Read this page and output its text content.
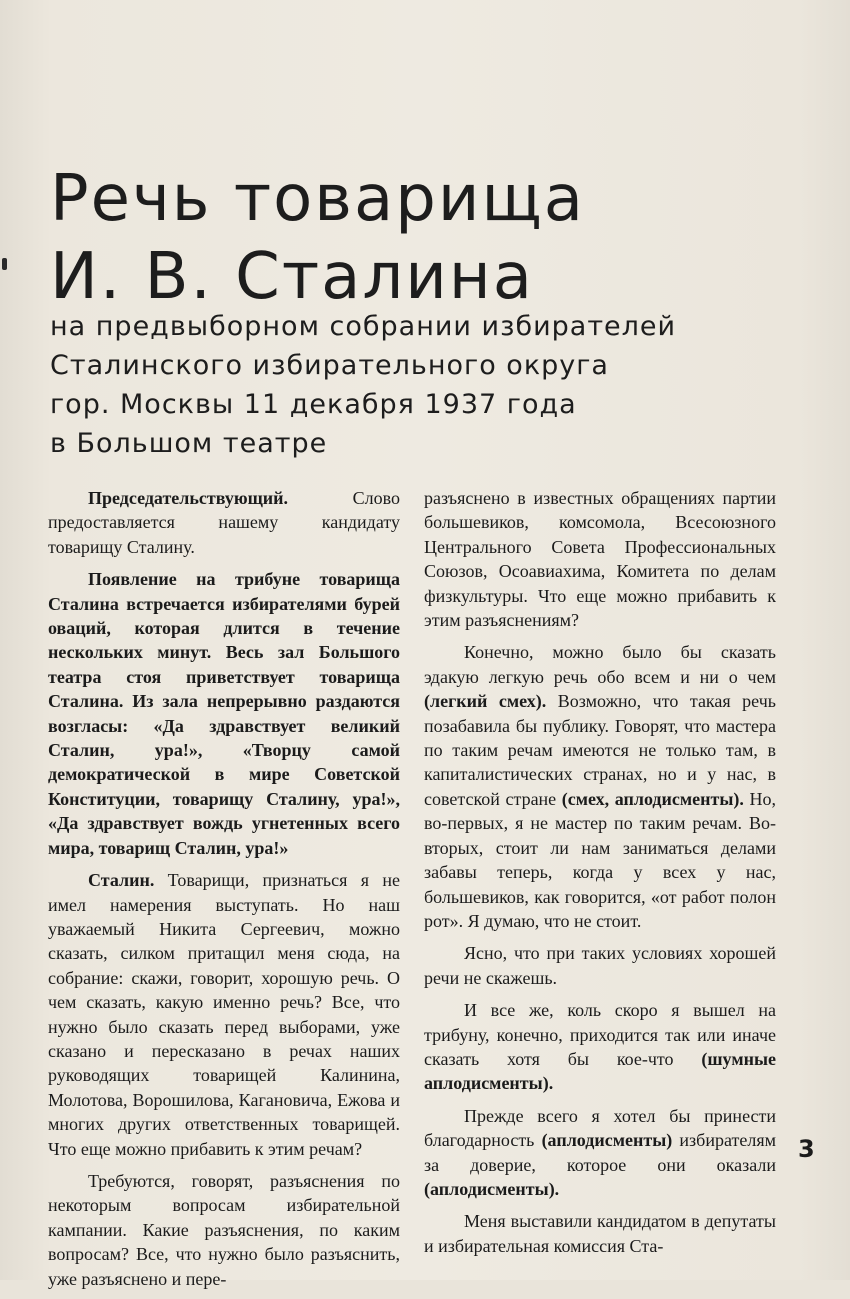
Речь товарища
И. В. Сталина
на предвыборном собрании избирателей
Сталинского избирательного округа
гор. Москвы 11 декабря 1937 года
в Большом театре

Председательствующий. Слово предоставляется нашему кандидату товарищу Сталину.

Появление на трибуне товарища Сталина встречается избирателями бурей оваций, которая длится в течение нескольких минут. Весь зал Большого театра стоя приветствует товарища Сталина. Из зала непрерывно раздаются возгласы: «Да здравствует великий Сталин, ура!», «Творцу самой демократической в мире Советской Конституции, товарищу Сталину, ура!», «Да здравствует вождь угнетенных всего мира, товарищ Сталин, ура!»

Сталин. Товарищи, признаться я не имел намерения выступать. Но наш уважаемый Никита Сергеевич, можно сказать, силком притащил меня сюда, на собрание: скажи, говорит, хорошую речь. О чем сказать, какую именно речь? Все, что нужно было сказать перед выборами, уже сказано и пересказано в речах наших руководящих товарищей Калинина, Молотова, Ворошилова, Кагановича, Ежова и многих других ответственных товарищей. Что еще можно прибавить к этим речам?

Требуются, говорят, разъяснения по некоторым вопросам избирательной кампании. Какие разъяснения, по каким вопросам? Все, что нужно было разъяснить, уже разъяснено и пере-

разъяснено в известных обращениях партии большевиков, комсомола, Всесоюзного Центрального Совета Профессиональных Союзов, Осоавиахима, Комитета по делам физкультуры. Что еще можно прибавить к этим разъяснениям?

Конечно, можно было бы сказать эдакую легкую речь обо всем и ни о чем (легкий смех). Возможно, что такая речь позабавила бы публику. Говорят, что мастера по таким речам имеются не только там, в капиталистических странах, но и у нас, в советской стране (смех, аплодисменты). Но, во-первых, я не мастер по таким речам. Во-вторых, стоит ли нам заниматься делами забавы теперь, когда у всех у нас, большевиков, как говорится, «от работ полон рот». Я думаю, что не стоит.

Ясно, что при таких условиях хорошей речи не скажешь.

И все же, коль скоро я вышел на трибуну, конечно, приходится так или иначе сказать хотя бы кое-что (шумные аплодисменты).

Прежде всего я хотел бы принести благодарность (аплодисменты) избирателям за доверие, которое они оказали (аплодисменты).

Меня выставили кандидатом в депутаты и избирательная комиссия Ста-

3
